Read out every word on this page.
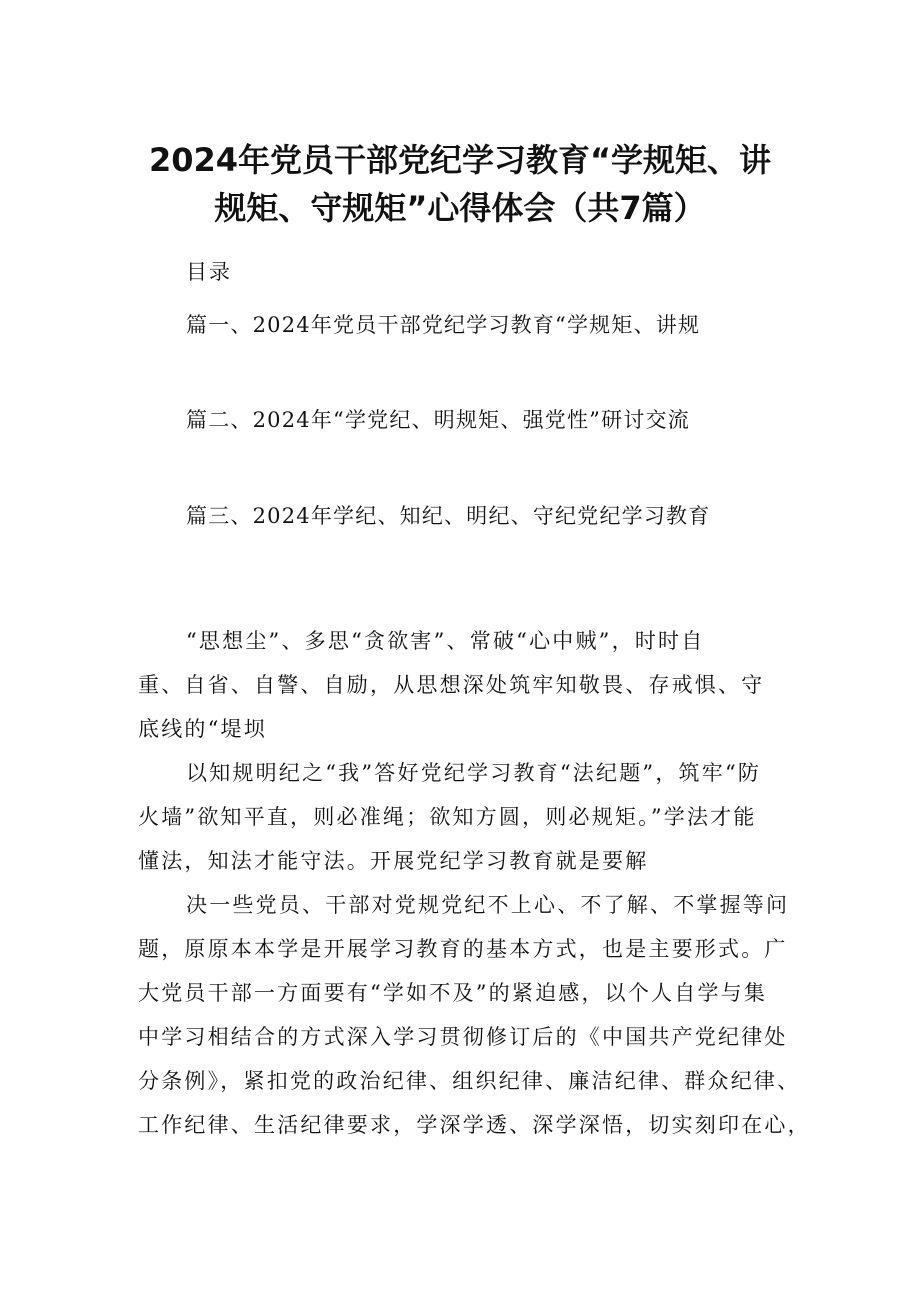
2024年党员干部党纪学习教育“学规矩、讲
规矩、守规矩”心得体会（共7篇）
目录
篇一、2024年党员干部党纪学习教育“学规矩、讲规
篇二、2024年“学党纪、明规矩、强党性”研讨交流
篇三、2024年学纪、知纪、明纪、守纪党纪学习教育
“思想尘”、多思“贪欲害”、常破“心中贼”，时时自
重、自省、自警、自励，从思想深处筑牢知敬畏、存戒惧、守
底线的“堤坝
以知规明纪之“我”答好党纪学习教育“法纪题”，筑牢“防
火墙”欲知平直，则必准绳；欲知方圆，则必规矩。”学法才能
懂法，知法才能守法。开展党纪学习教育就是要解
决一些党员、干部对党规党纪不上心、不了解、不掌握等问
题，原原本本学是开展学习教育的基本方式，也是主要形式。广
大党员干部一方面要有“学如不及”的紧迫感，以个人自学与集
中学习相结合的方式深入学习贯彻修订后的《中国共产党纪律处
分条例》，紧扣党的政治纪律、组织纪律、廉洁纪律、群众纪律、
工作纪律、生活纪律要求，学深学透、深学深悟，切实刻印在心，
